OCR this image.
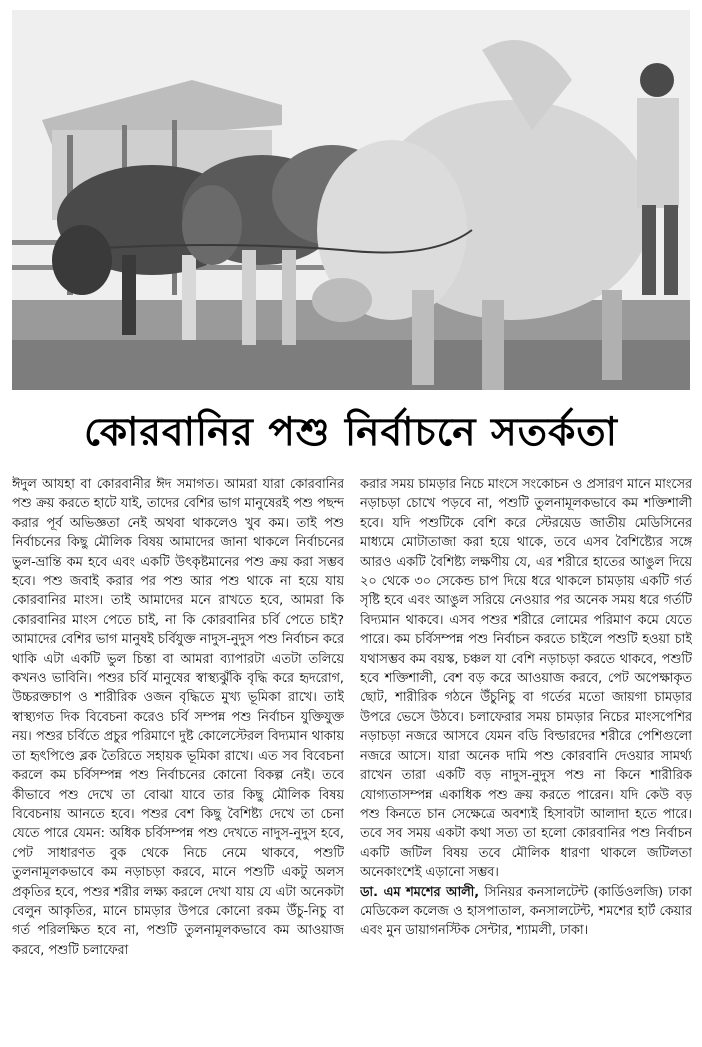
কোরবানির পশু নির্বাচনে সতর্কতা

ঈদুল আযহা বা কোরবানীর ঈদ সমাগত। আমরা যারা কোরবানির পশু ক্রয় করতে হাটে যাই, তাদের বেশির ভাগ মানুষেরই পশু পছন্দ করার পূর্ব অভিজ্ঞতা নেই অথবা থাকলেও খুব কম। তাই পশু নির্বাচনের কিছু মৌলিক বিষয় আমাদের জানা থাকলে নির্বাচনের ভুল-ভ্রান্তি কম হবে এবং একটি উৎকৃষ্টমানের পশু ক্রয় করা সম্ভব হবে। পশু জবাই করার পর পশু আর পশু থাকে না হয়ে যায় কোরবানির মাংস। তাই আমাদের মনে রাখতে হবে, আমরা কি কোরবানির মাংস পেতে চাই, না কি কোরবানির চর্বি পেতে চাই? আমাদের বেশির ভাগ মানুষই চর্বিযুক্ত নাদুস-নুদুস পশু নির্বাচন করে থাকি এটা একটি ভুল চিন্তা বা আমরা ব্যাপারটা এতটা তলিয়ে কখনও ভাবিনি। পশুর চর্বি মানুষের স্বাস্থ্যঝুঁকি বৃদ্ধি করে হৃদরোগ, উচ্চরক্তচাপ ও শারীরিক ওজন বৃদ্ধিতে মুখ্য ভূমিকা রাখে। তাই স্বাস্থ্যগত দিক বিবেচনা করেও চর্বি সম্পন্ন পশু নির্বাচন যুক্তিযুক্ত নয়। পশুর চর্বিতে প্রচুর পরিমাণে দুষ্ট কোলেস্টেরল বিদ্যমান থাকায় তা হৃৎপিণ্ডে ব্লক তৈরিতে সহায়ক ভূমিকা রাখে। এত সব বিবেচনা করলে কম চর্বিসম্পন্ন পশু নির্বাচনের কোনো বিকল্প নেই। তবে কীভাবে পশু দেখে তা বোঝা যাবে তার কিছু মৌলিক বিষয় বিবেচনায় আনতে হবে। পশুর বেশ কিছু বৈশিষ্ট্য দেখে তা চেনা যেতে পারে যেমন: অধিক চর্বিসম্পন্ন পশু দেখতে নাদুস-নুদুস হবে, পেট সাধারণত বুক থেকে নিচে নেমে থাকবে, পশুটি তুলনামূলকভাবে কম নড়াচড়া করবে, মানে পশুটি একটু অলস প্রকৃতির হবে, পশুর শরীর লক্ষ্য করলে দেখা যায় যে এটা অনেকটা বেলুন আকৃতির, মানে চামড়ার উপরে কোনো রকম উঁচু-নিচু বা গর্ত পরিলক্ষিত হবে না, পশুটি তুলনামূলকভাবে কম আওয়াজ করবে, পশুটি চলাফেরা

করার সময় চামড়ার নিচে মাংসে সংকোচন ও প্রসারণ মানে মাংসের নড়াচড়া চোখে পড়বে না, পশুটি তুলনামূলকভাবে কম শক্তিশালী হবে। যদি পশুটিকে বেশি করে স্টেরয়েড জাতীয় মেডিসিনের মাধ্যমে মোটাতাজা করা হয়ে থাকে, তবে এসব বৈশিষ্ট্যের সঙ্গে আরও একটি বৈশিষ্ট্য লক্ষণীয় যে, এর শরীরে হাতের আঙুল দিয়ে ২০ থেকে ৩০ সেকেন্ড চাপ দিয়ে ধরে থাকলে চামড়ায় একটি গর্ত সৃষ্টি হবে এবং আঙুল সরিয়ে নেওয়ার পর অনেক সময় ধরে গর্তটি বিদ্যমান থাকবে। এসব পশুর শরীরে লোমের পরিমাণ কমে যেতে পারে। কম চর্বিসম্পন্ন পশু নির্বাচন করতে চাইলে পশুটি হওয়া চাই যথাসম্ভব কম বয়স্ক, চঞ্চল যা বেশি নড়াচড়া করতে থাকবে, পশুটি হবে শক্তিশালী, বেশ বড় করে আওয়াজ করবে, পেট অপেক্ষাকৃত ছোট, শারীরিক গঠনে উঁচুনিচু বা গর্তের মতো জায়গা চামড়ার উপরে ভেসে উঠবে। চলাফেরার সময় চামড়ার নিচের মাংসপেশির নড়াচড়া নজরে আসবে যেমন বডি বিল্ডারদের শরীরে পেশিগুলো নজরে আসে। যারা অনেক দামি পশু কোরবানি দেওয়ার সামর্থ্য রাখেন তারা একটি বড় নাদুস-নুদুস পশু না কিনে শারীরিক যোগ্যতাসম্পন্ন একাধিক পশু ক্রয় করতে পারেন। যদি কেউ বড় পশু কিনতে চান সেক্ষেত্রে অবশ্যই হিসাবটা আলাদা হতে পারে। তবে সব সময় একটা কথা সত্য তা হলো কোরবানির পশু নির্বাচন একটি জটিল বিষয় তবে মৌলিক ধারণা থাকলে জটিলতা অনেকাংশেই এড়ানো সম্ভব।

ডা. এম শমশের আলী, সিনিয়র কনসালটেন্ট (কার্ডিওলজি) ঢাকা মেডিকেল কলেজ ও হাসপাতাল, কনসালটেন্ট, শমশের হার্ট কেয়ার এবং মুন ডায়াগনস্টিক সেন্টার, শ্যামলী, ঢাকা।
